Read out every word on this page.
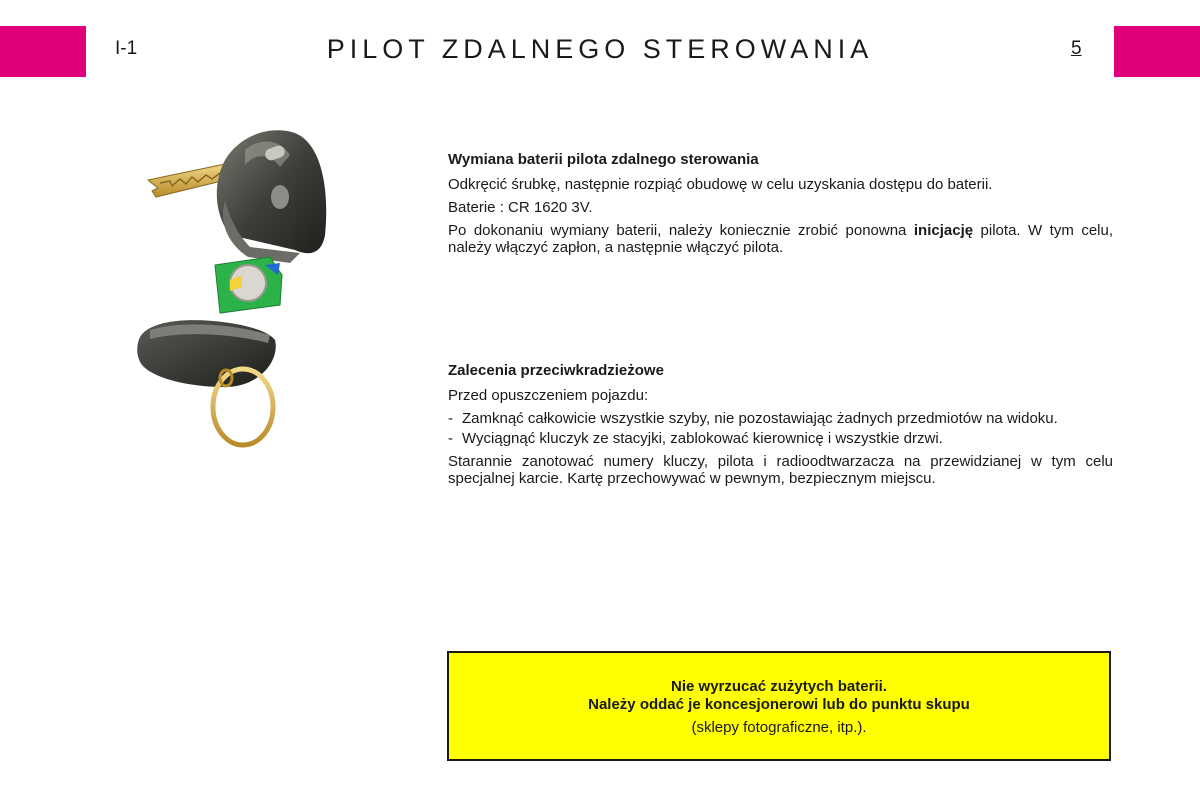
I-1	PILOT ZDALNEGO STEROWANIA	5
Wymiana baterii pilota zdalnego sterowania

Odkręcić śrubkę, następnie rozpiąć obudowę w celu uzyskania dostępu do baterii.

Baterie : CR 1620 3V.

Po dokonaniu wymiany baterii, należy koniecznie zrobić ponowna inicjację pilota. W tym celu, należy włączyć zapłon, a następnie włączyć pilota.

Zalecenia przeciwkradzieżowe

Przed opuszczeniem pojazdu:

- Zamknąć całkowicie wszystkie szyby, nie pozostawiając żadnych przedmiotów na widoku.
- Wyciągnąć kluczyk ze stacyjki, zablokować kierownicę i wszystkie drzwi.

Starannie zanotować numery kluczy, pilota i radioodtwarzacza na przewidzianej w tym celu specjalnej karcie. Kartę przechowywać w pewnym, bezpiecznym miejscu.

Nie wyrzucać zużytych baterii.
Należy oddać je koncesjonerowi lub do punktu skupu
(sklepy fotograficzne, itp.).
